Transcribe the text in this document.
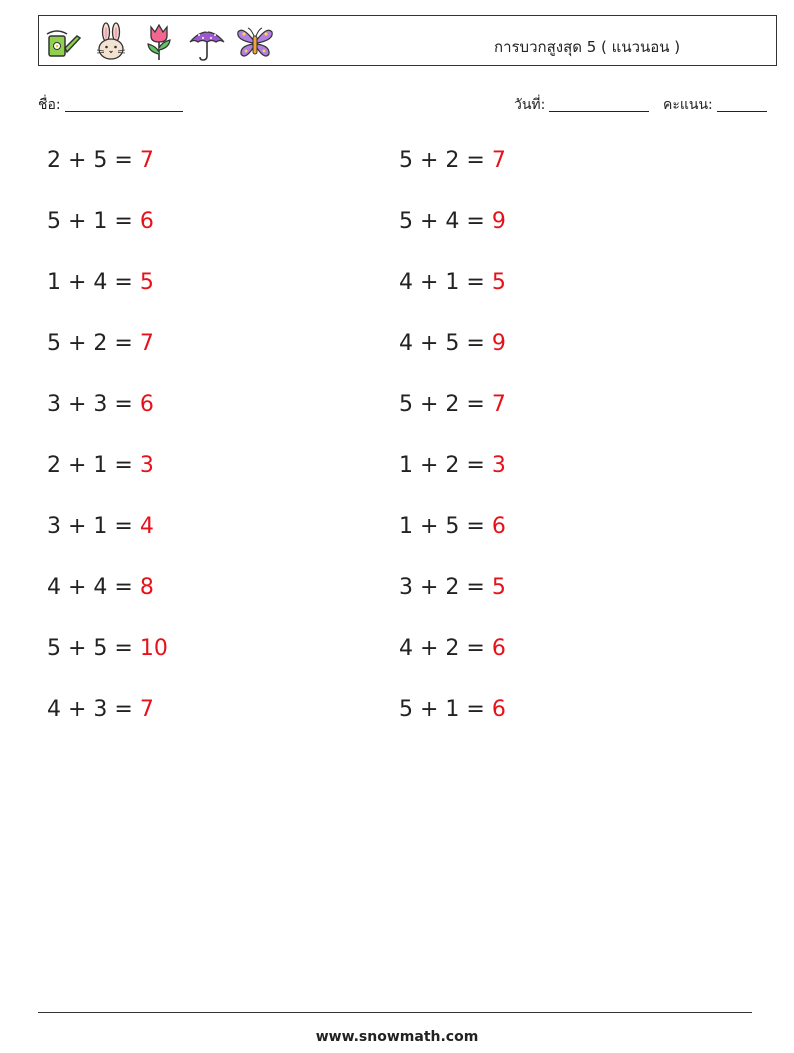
การบวกสูงสุด 5 ( แนวนอน )
ชื่อ:	วันที่:	คะแนน:
2 + 5 = 7
5 + 1 = 6
1 + 4 = 5
5 + 2 = 7
3 + 3 = 6
2 + 1 = 3
3 + 1 = 4
4 + 4 = 8
5 + 5 = 10
4 + 3 = 7
5 + 2 = 7
5 + 4 = 9
4 + 1 = 5
4 + 5 = 9
5 + 2 = 7
1 + 2 = 3
1 + 5 = 6
3 + 2 = 5
4 + 2 = 6
5 + 1 = 6
www.snowmath.com
